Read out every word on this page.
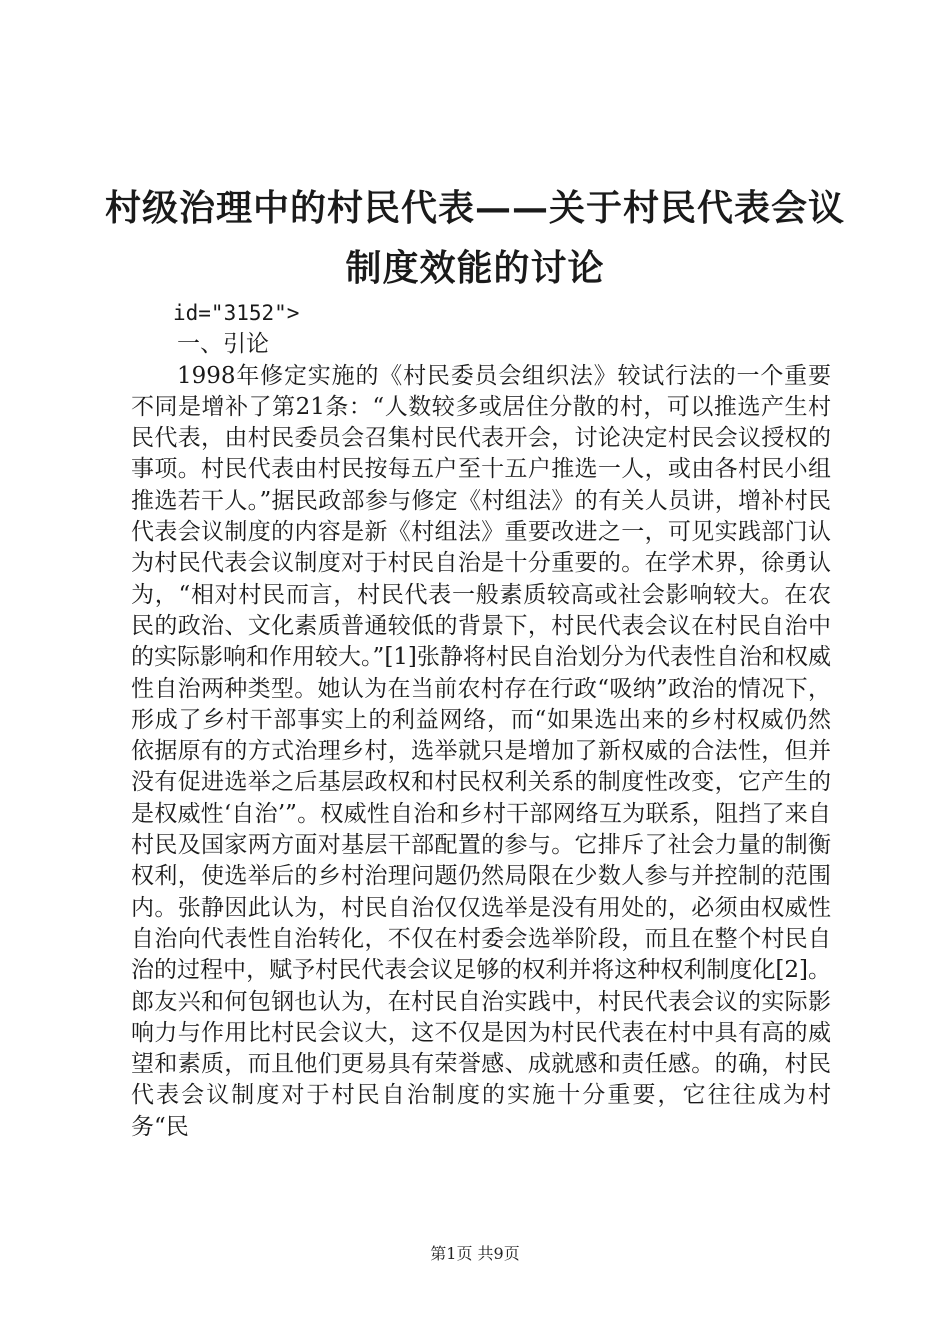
村级治理中的村民代表——关于村民代表会议
制度效能的讨论

id="3152">

一、引论

1998年修定实施的《村民委员会组织法》较试行法的一个重要不同是增补了第21条：“人数较多或居住分散的村，可以推选产生村民代表，由村民委员会召集村民代表开会，讨论决定村民会议授权的事项。村民代表由村民按每五户至十五户推选一人，或由各村民小组推选若干人。”据民政部参与修定《村组法》的有关人员讲，增补村民代表会议制度的内容是新《村组法》重要改进之一，可见实践部门认为村民代表会议制度对于村民自治是十分重要的。在学术界，徐勇认为，“相对村民而言，村民代表一般素质较高或社会影响较大。在农民的政治、文化素质普通较低的背景下，村民代表会议在村民自治中的实际影响和作用较大。”[1]张静将村民自治划分为代表性自治和权威性自治两种类型。她认为在当前农村存在行政“吸纳”政治的情况下，形成了乡村干部事实上的利益网络，而“如果选出来的乡村权威仍然依据原有的方式治理乡村，选举就只是增加了新权威的合法性，但并没有促进选举之后基层政权和村民权利关系的制度性改变，它产生的是权威性‘自治’”。权威性自治和乡村干部网络互为联系，阻挡了来自村民及国家两方面对基层干部配置的参与。它排斥了社会力量的制衡权利，使选举后的乡村治理问题仍然局限在少数人参与并控制的范围内。张静因此认为，村民自治仅仅选举是没有用处的，必须由权威性自治向代表性自治转化，不仅在村委会选举阶段，而且在整个村民自治的过程中，赋予村民代表会议足够的权利并将这种权利制度化[2]。郎友兴和何包钢也认为，在村民自治实践中，村民代表会议的实际影响力与作用比村民会议大，这不仅是因为村民代表在村中具有高的威望和素质，而且他们更易具有荣誉感、成就感和责任感。的确，村民代表会议制度对于村民自治制度的实施十分重要，它往往成为村务“民

第1页 共9页
